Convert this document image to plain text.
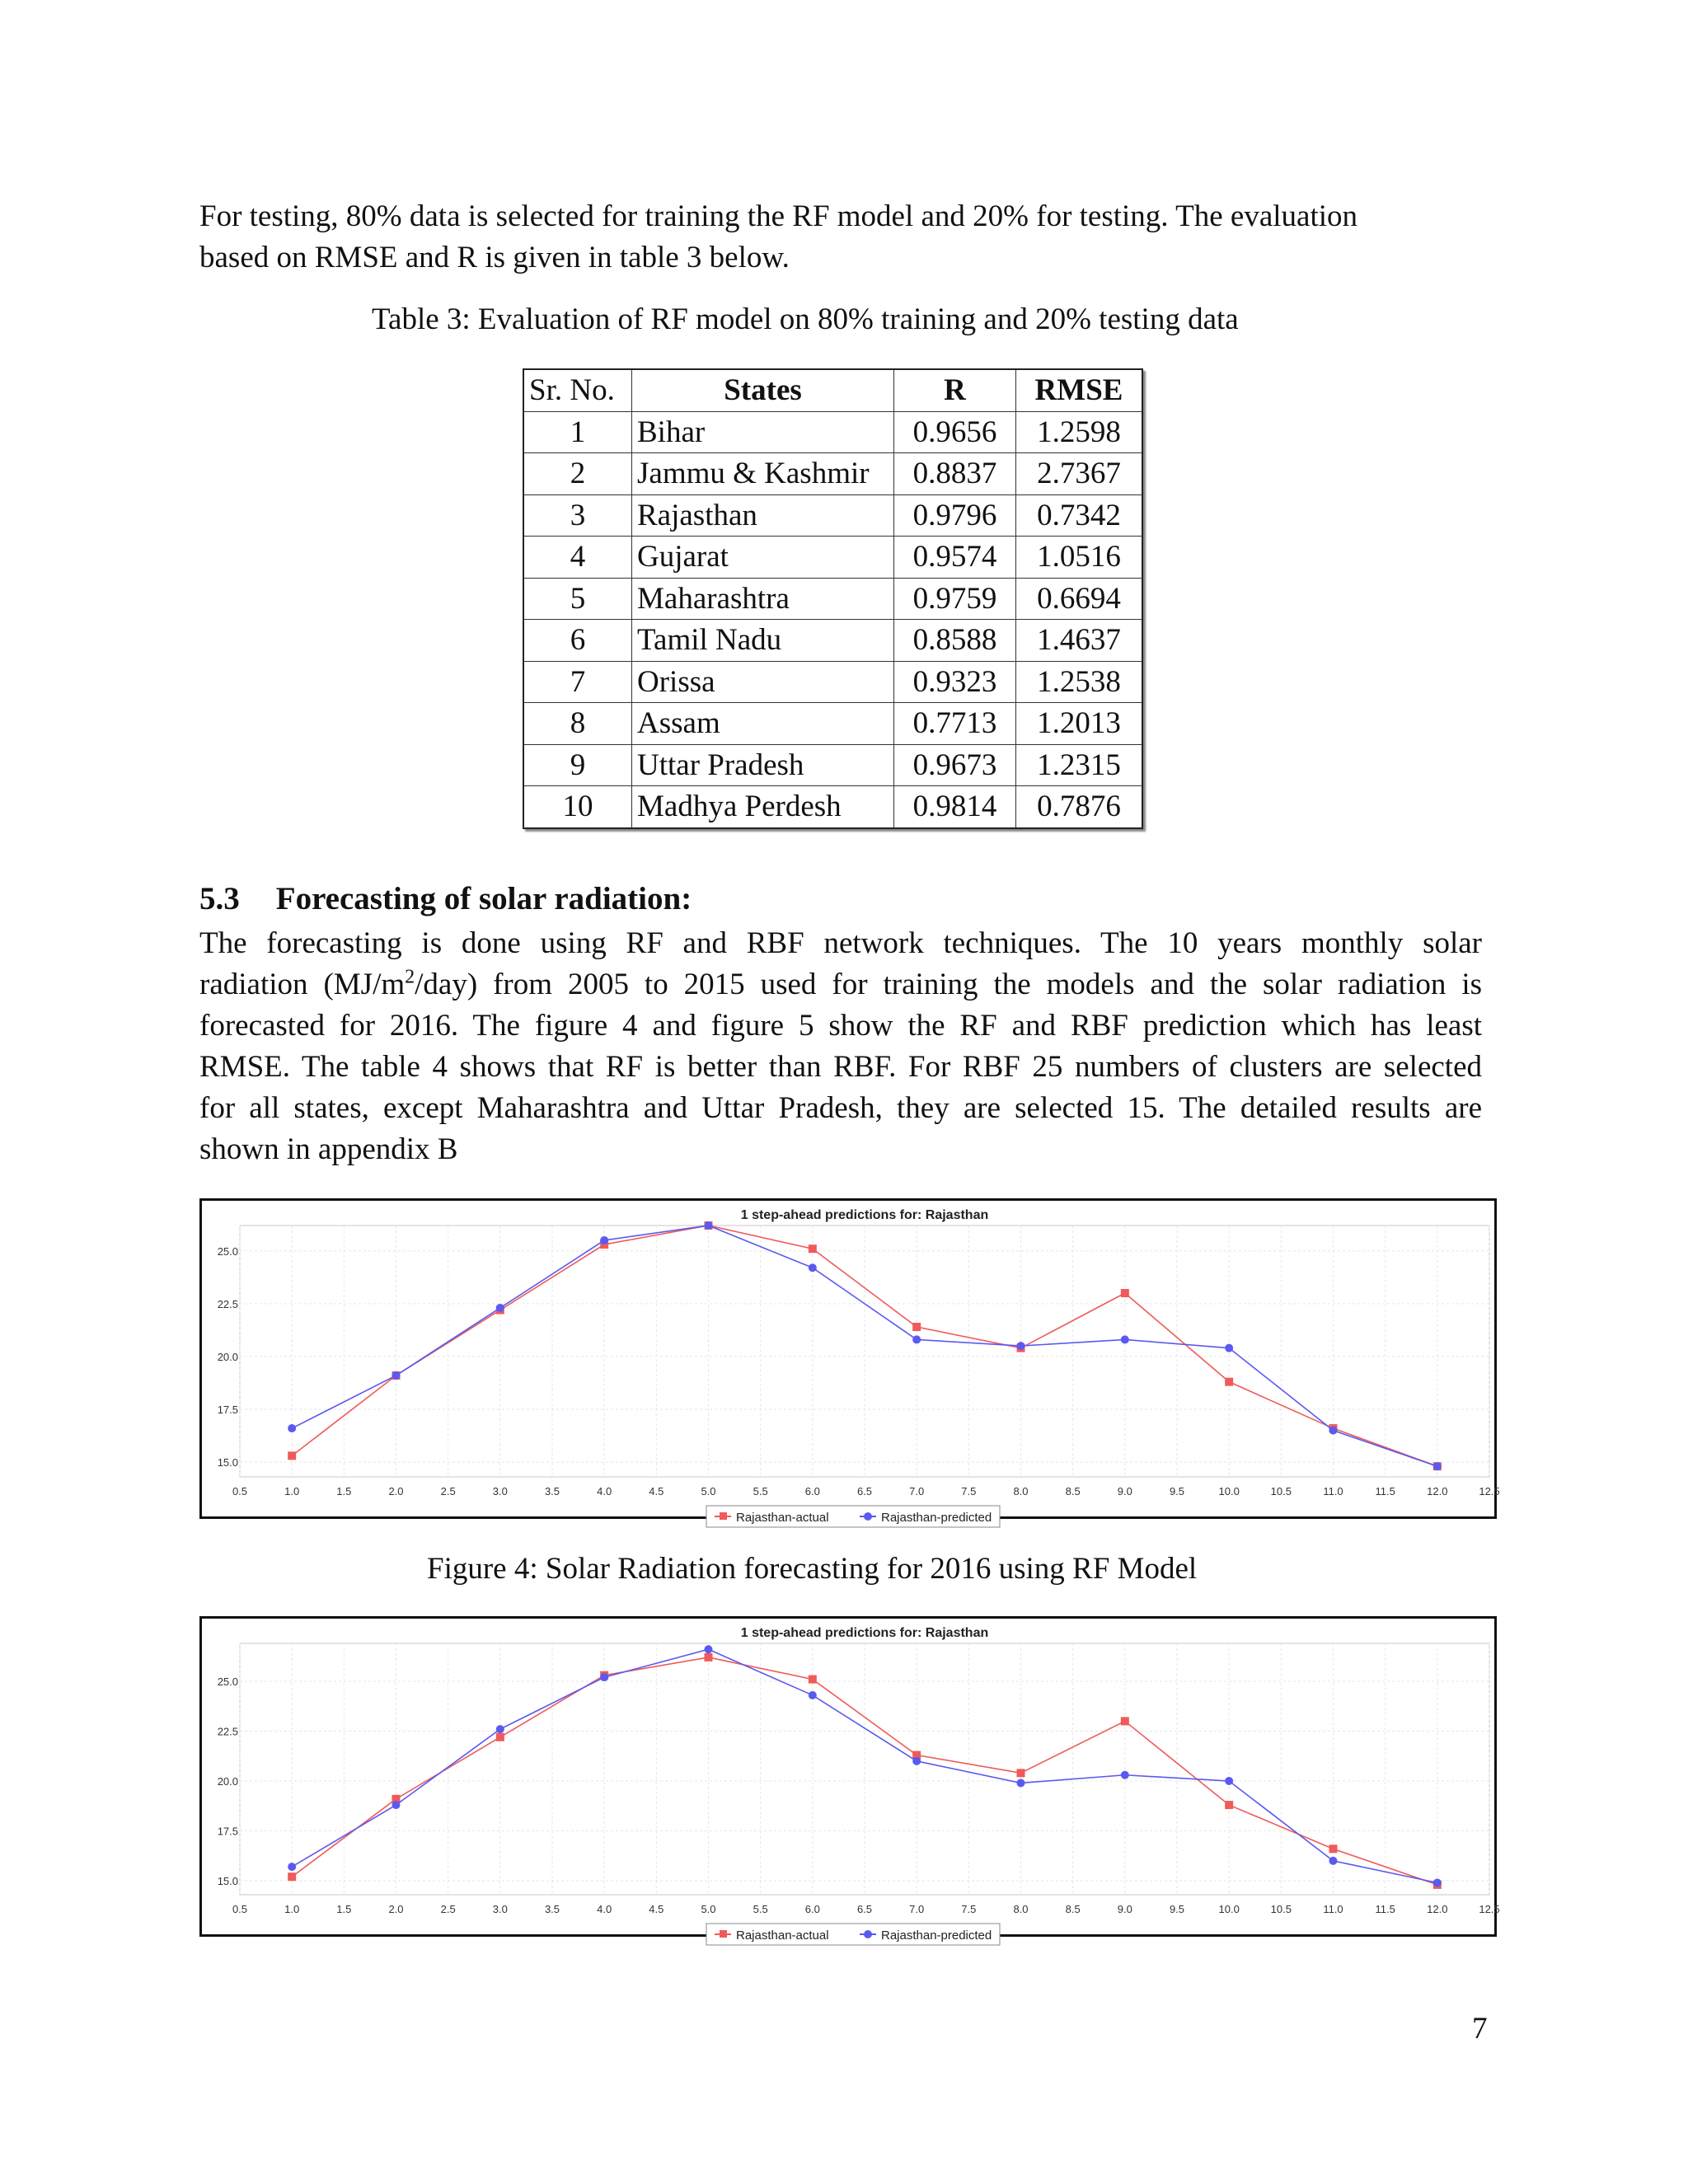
For testing, 80% data is selected for training the RF model and 20% for testing. The evaluation
based on RMSE and R is given in table 3 below.
Table 3: Evaluation of RF model on 80% training and 20% testing data
Sr. No.	States	R	RMSE
1	Bihar	0.9656	1.2598
2	Jammu & Kashmir	0.8837	2.7367
3	Rajasthan	0.9796	0.7342
4	Gujarat	0.9574	1.0516
5	Maharashtra	0.9759	0.6694
6	Tamil Nadu	0.8588	1.4637
7	Orissa	0.9323	1.2538
8	Assam	0.7713	1.2013
9	Uttar Pradesh	0.9673	1.2315
10	Madhya Perdesh	0.9814	0.7876
5.3 Forecasting of solar radiation:
The forecasting is done using RF and RBF network techniques. The 10 years monthly solar
radiation $(MJ/m^2/day)$ from 2005 to 2015 used for training the models and the solar radiation is
forecasted for 2016. The figure 4 and figure 5 show the RF and RBF prediction which has least
RMSE. The table 4 shows that RF is better than RBF. For RBF 25 numbers of clusters are selected
for all states, except Maharashtra and Uttar Pradesh, they are selected 15. The detailed results are
shown in appendix B
1 step-ahead predictions for: Rajasthan
15.0
17.5
20.0
22.5
25.0
0.5	1.0	1.5	2.0	2.5	3.0	3.5	4.0	4.5	5.0	5.5	6.0	6.5	7.0	7.5	8.0	8.5	9.0	9.5	10.0	10.5	11.0	11.5	12.0	12.5
Rajasthan-actual	Rajasthan-predicted
Figure 4: Solar Radiation forecasting for 2016 using RF Model
1 step-ahead predictions for: Rajasthan
15.0
17.5
20.0
22.5
25.0
0.5	1.0	1.5	2.0	2.5	3.0	3.5	4.0	4.5	5.0	5.5	6.0	6.5	7.0	7.5	8.0	8.5	9.0	9.5	10.0	10.5	11.0	11.5	12.0	12.5
Rajasthan-actual	Rajasthan-predicted
7
